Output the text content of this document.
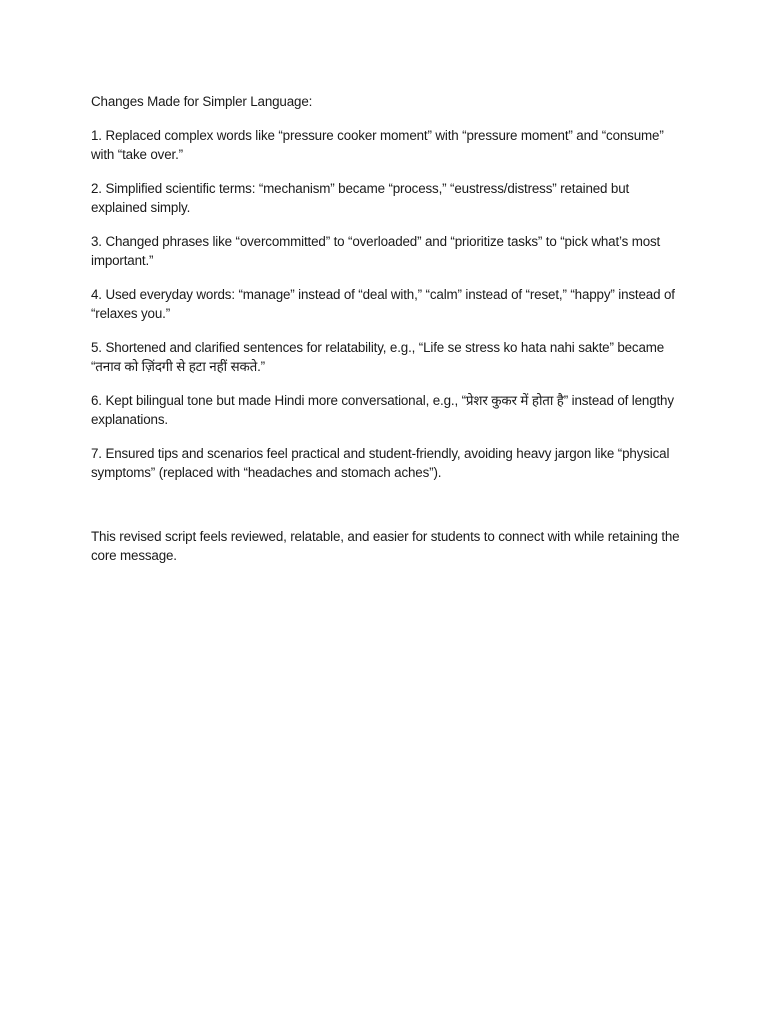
Changes Made for Simpler Language:

1. Replaced complex words like “pressure cooker moment” with “pressure moment” and “consume” with “take over.”

2. Simplified scientific terms: “mechanism” became “process,” “eustress/distress” retained but explained simply.

3. Changed phrases like “overcommitted” to “overloaded” and “prioritize tasks” to “pick what’s most important.”

4. Used everyday words: “manage” instead of “deal with,” “calm” instead of “reset,” “happy” instead of “relaxes you.”

5. Shortened and clarified sentences for relatability, e.g., “Life se stress ko hata nahi sakte” became “तनाव को ज़िंदगी से हटा नहीं सकते.”

6. Kept bilingual tone but made Hindi more conversational, e.g., “प्रेशर कुकर में होता है” instead of lengthy explanations.

7. Ensured tips and scenarios feel practical and student-friendly, avoiding heavy jargon like “physical symptoms” (replaced with “headaches and stomach aches”).

This revised script feels reviewed, relatable, and easier for students to connect with while retaining the core message.
